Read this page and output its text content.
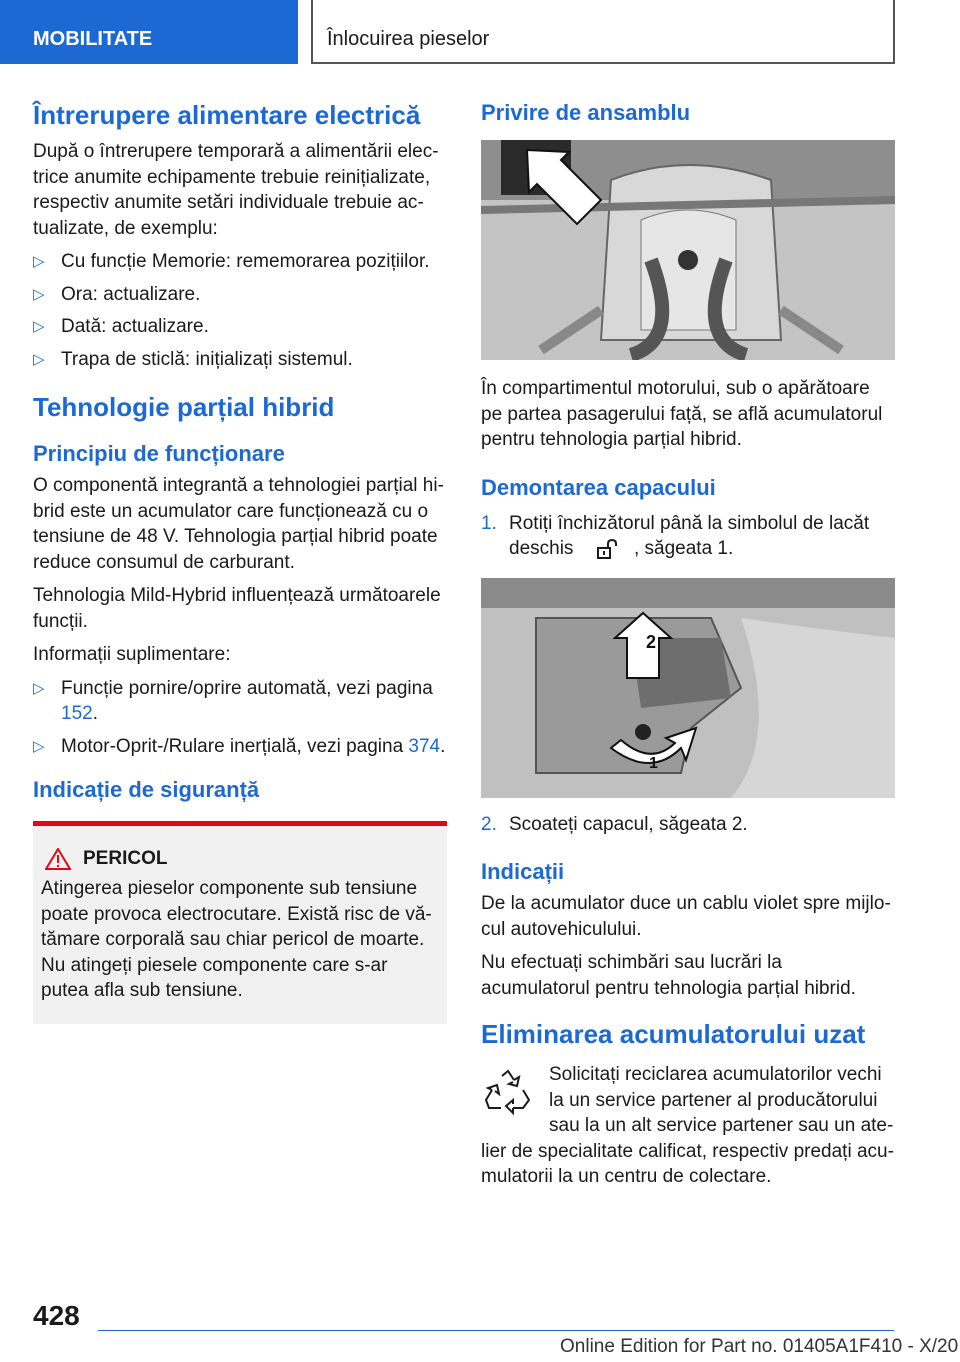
MOBILITATE	Înlocuirea pieselor
Întrerupere alimentare electrică

După o întrerupere temporară a alimentării electrice anumite echipamente trebuie reinițializate, respectiv anumite setări individuale trebuie actualizate, de exemplu:

▷ Cu funcție Memorie: rememorarea pozițiilor.
▷ Ora: actualizare.
▷ Dată: actualizare.
▷ Trapa de sticlă: inițializați sistemul.
Tehnologie parțial hibrid
Principiu de funcționare

O componentă integrantă a tehnologiei parțial hibrid este un acumulator care funcționează cu o tensiune de 48 V. Tehnologia parțial hibrid poate reduce consumul de carburant.

Tehnologia Mild-Hybrid influențează următoarele funcții.

Informații suplimentare:

▷ Funcție pornire/oprire automată, vezi pagina 152.
▷ Motor-Oprit-/Rulare inerțială, vezi pagina 374.
Indicație de siguranță
PERICOL

Atingerea pieselor componente sub tensiune poate provoca electrocutare. Există risc de vătămare corporală sau chiar pericol de moarte. Nu atingeți piesele componente care s-ar putea afla sub tensiune.

Privire de ansamblu

În compartimentul motorului, sub o apărătoare pe partea pasagerului față, se află acumulatorul pentru tehnologia parțial hibrid.

Demontarea capacului
1. Rotiți închizătorul până la simbolul de lacăt deschis	, săgeata 1.
2
1
2. Scoateți capacul, săgeata 2.
Indicații

De la acumulator duce un cablu violet spre mijlocul autovehiculului.

Nu efectuați schimbări sau lucrări la acumulatorul pentru tehnologia parțial hibrid.

Eliminarea acumulatorului uzat
Solicitați reciclarea acumulatorilor vechi la un service partener al producătorului sau la un alt service partener sau un atelier de specialitate calificat, respectiv predați acumulatorii la un centru de colectare.
428
Online Edition for Part no. 01405A1F410 - X/20
